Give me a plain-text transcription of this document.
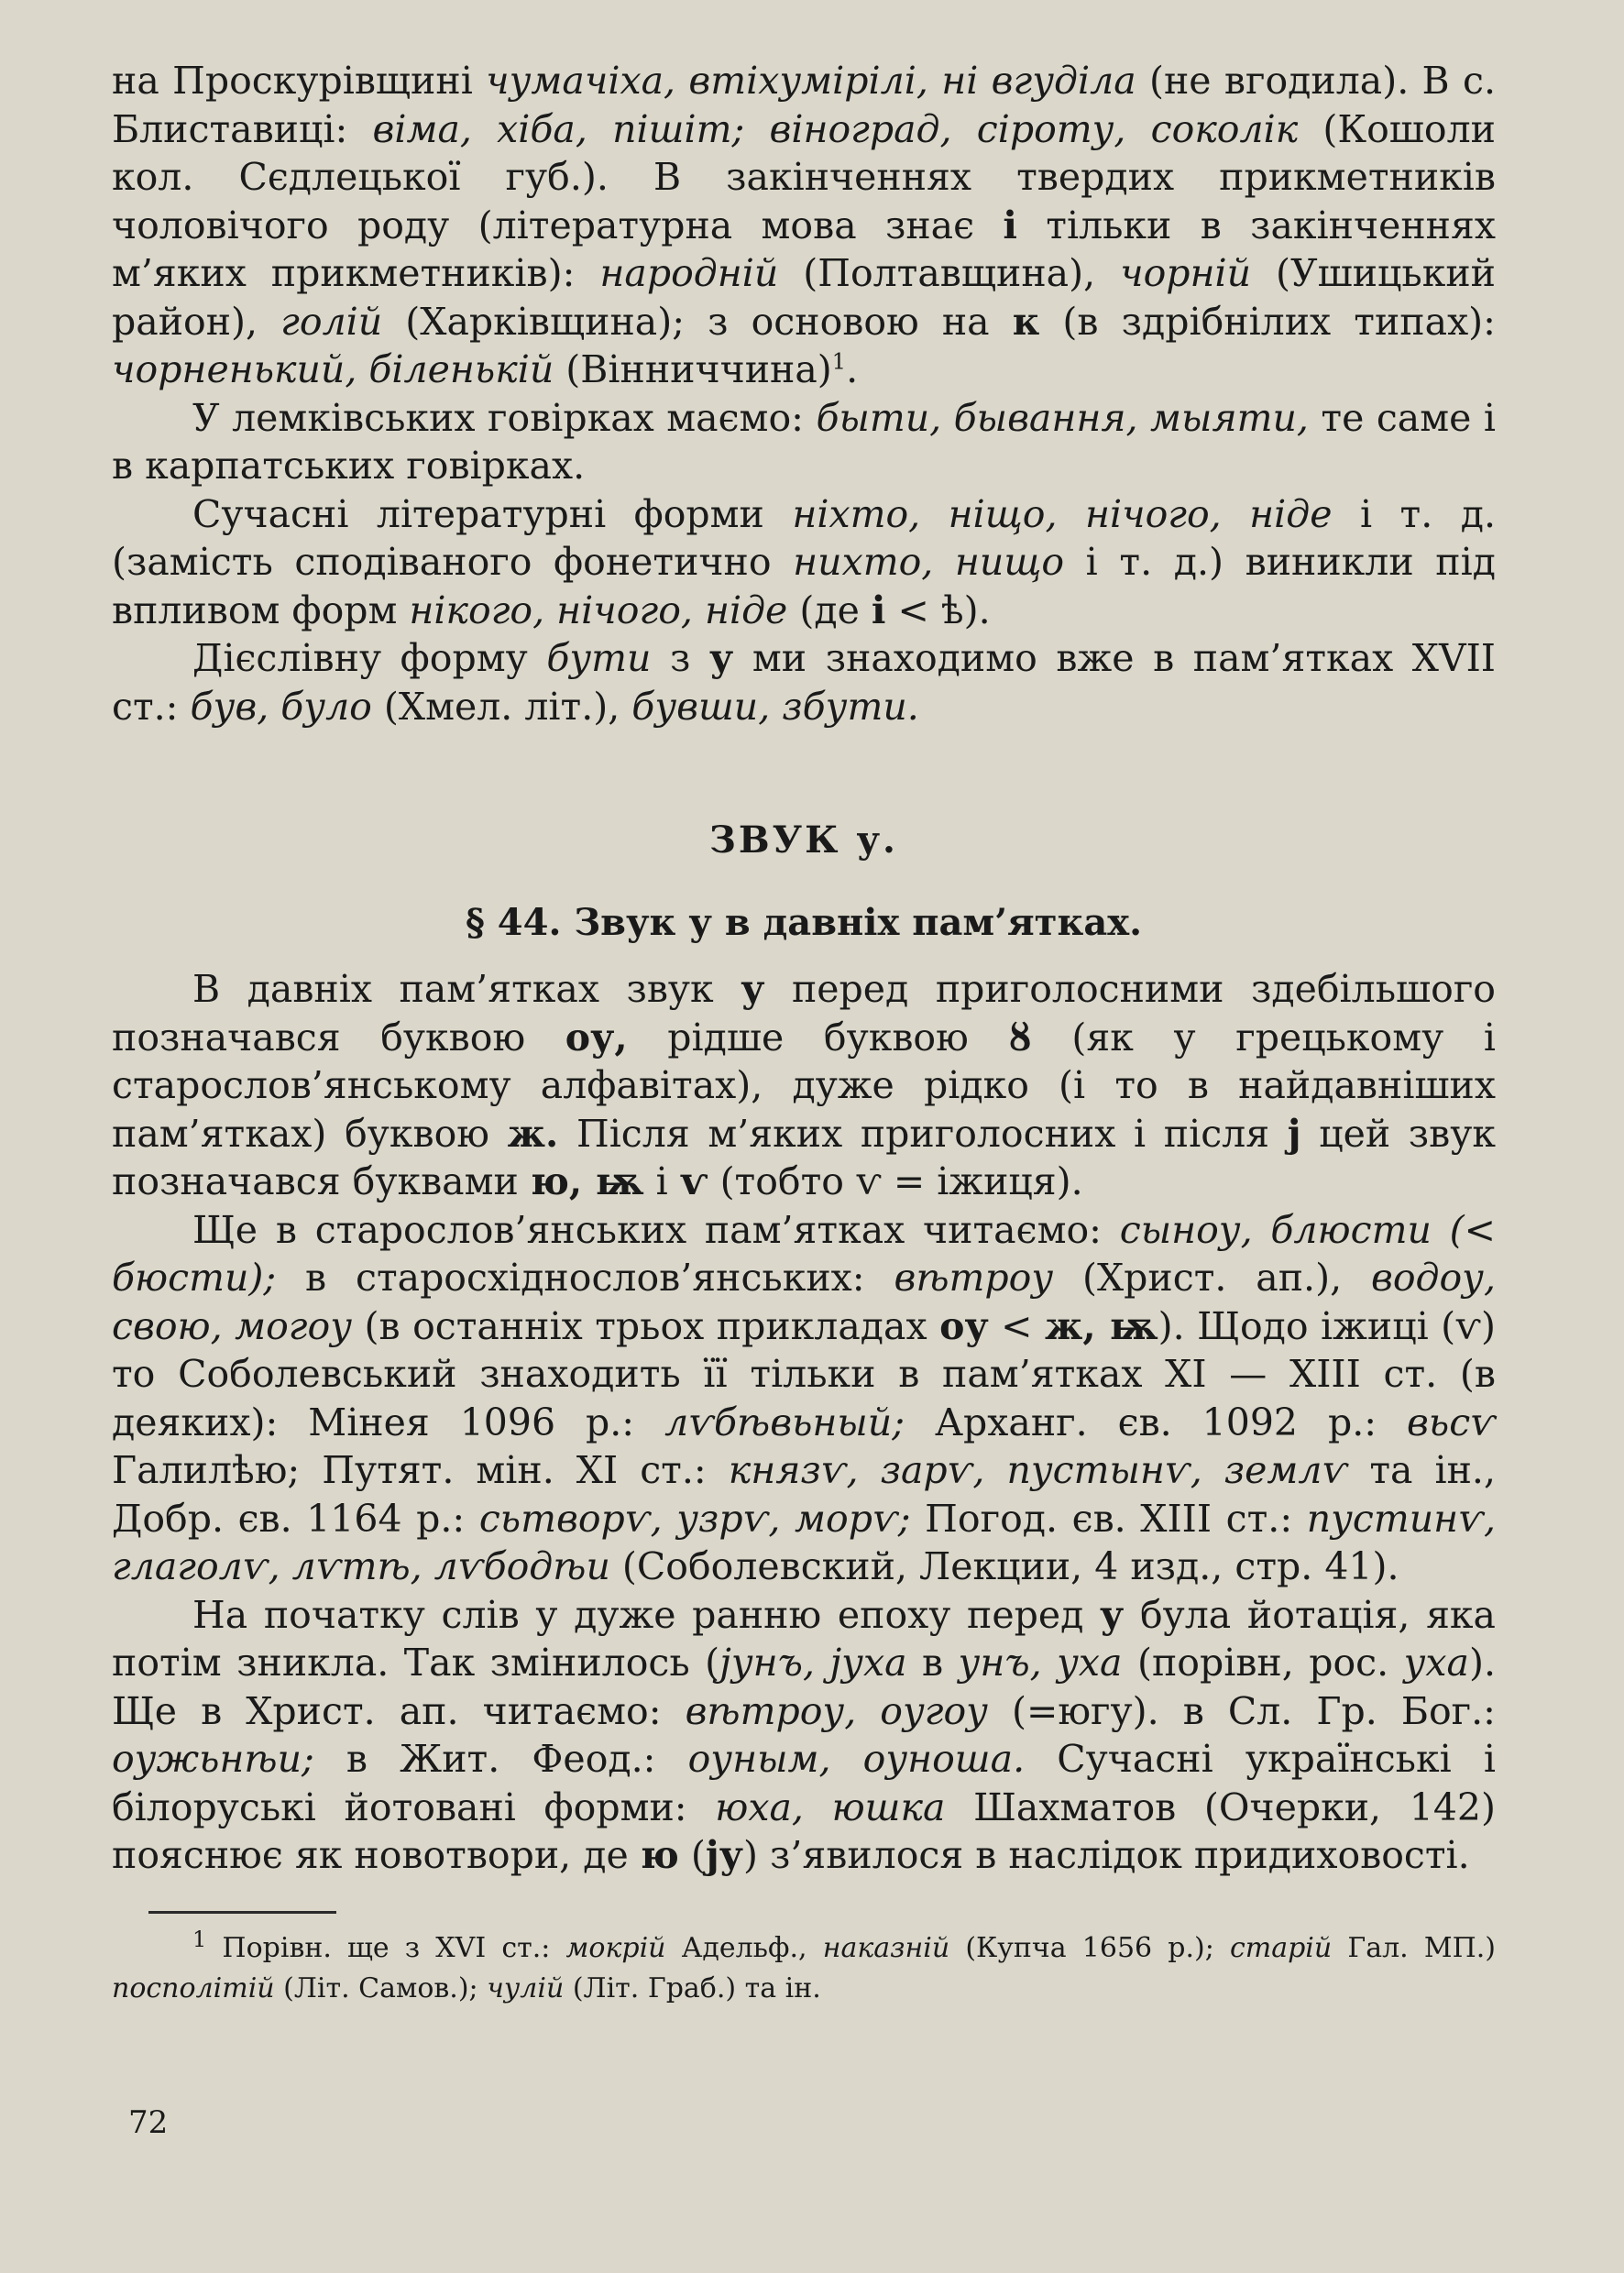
на Проскурівщині чумачіха, втіхумірілі, ні вгуділа (не вгодила). В с. Блиставиці: віма, хіба, пішіт; віноград, сіроту, соколік (Кошоли кол. Сєдлецької губ.). В закінченнях твердих прикметників чоловічого роду (літературна мова знає і тільки в закінченнях м’яких прикметників): народній (Полтавщина), чорній (Ушицький район), голій (Харківщина); з основою на к (в здрібнілих типах): чорненький, біленькій (Вінниччина)$^1$.

У лемківських говірках маємо: быти, бывання, мыяти, те саме і в карпатських говірках.

Сучасні літературні форми ніхто, ніщо, нічого, ніде і т. д. (замість сподіваного фонетично нихто, нищо і т. д.) виникли під впливом форм нікого, нічого, ніде (де і < ѣ).

Дієслівну форму бути з у ми знаходимо вже в пам’ятках XVII ст.: був, було (Хмел. літ.), бувши, збути.

ЗВУК у.
§ 44. Звук у в давніх пам’ятках.

В давніх пам’ятках звук у перед приголосними здебільшого позначався буквою оу, рідше буквою ȣ (як у грецькому і старослов’янському алфавітах), дуже рідко (і то в найдавніших пам’ятках) буквою ж. Після м’яких приголосних і після j цей звук позначався буквами ю, ѭ і ѵ (тобто ѵ = іжиця).

Ще в старослов’янських пам’ятках читаємо: сыноу, блюсти (< бюсти); в старосхіднослов’янських: вѣтроу (Христ. ап.), водоу, свою, могоу (в останніх трьох прикладах оу < ж, ѭ). Щодо іжиці (ѵ) то Соболевський знаходить її тільки в пам’ятках XI — XIII ст. (в деяких): Мінея 1096 р.: лѵбѣвьный; Арханг. єв. 1092 р.: вьсѵ Галилѣю; Путят. мін. XI ст.: князѵ, зарѵ, пустынѵ, землѵ та ін., Добр. єв. 1164 р.: сьтворѵ, узрѵ, морѵ; Погод. єв. XIII ст.: пустинѵ, глаголѵ, лѵтѣ, лѵбодѣи (Соболевский, Лекции, 4 изд., стр. 41).

На початку слів у дуже ранню епоху перед у була йотація, яка потім зникла. Так змінилось (jунъ, jуха в унъ, уха (порівн, рос. уха). Ще в Христ. ап. читаємо: вѣтроу, оугоу (=югу). в Сл. Гр. Бог.: оужьнѣи; в Жит. Феод.: оуным, оуноша. Сучасні українські і білоруські йотовані форми: юха, юшка Шахматов (Очерки, 142) пояснює як новотвори, де ю (jу) з’явилося в наслідок придиховості.

$^1$ Порівн. ще з XVI ст.: мокрій Адельф., наказній (Купча 1656 р.); старій Гал. МП.) посполітій (Літ. Самов.); чулій (Літ. Граб.) та ін.

72
